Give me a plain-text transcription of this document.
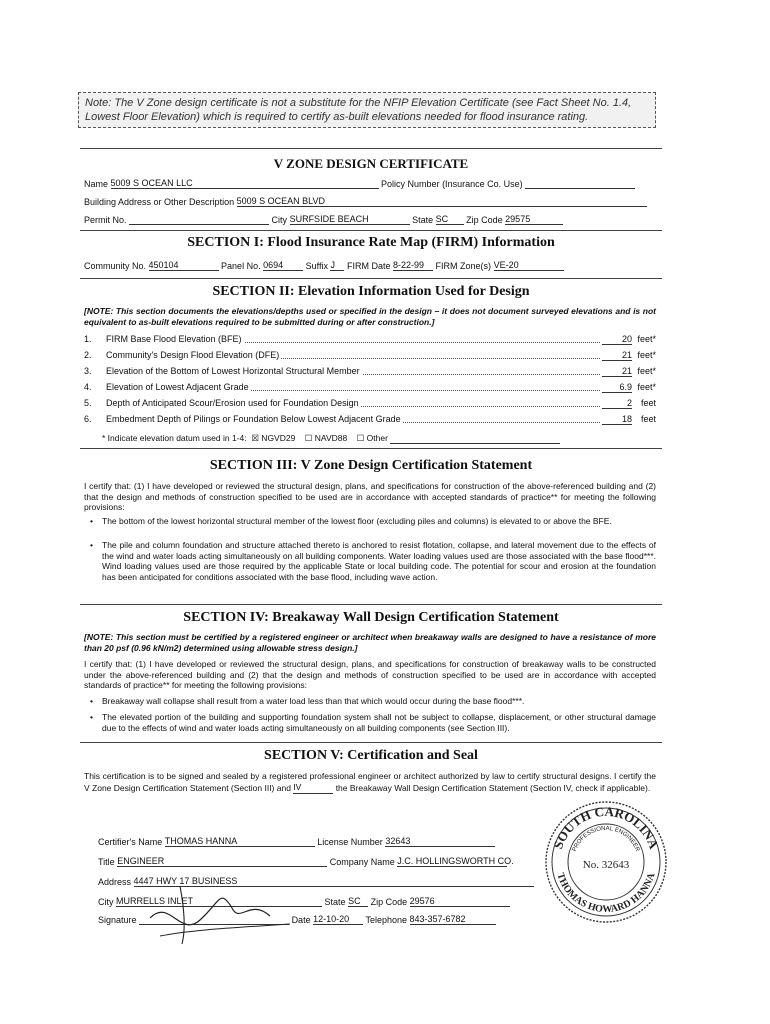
Note: The V Zone design certificate is not a substitute for the NFIP Elevation Certificate (see Fact Sheet No. 1.4, Lowest Floor Elevation) which is required to certify as-built elevations needed for flood insurance rating.
V ZONE DESIGN CERTIFICATE
Name 5009 S OCEAN LLC	Policy Number (Insurance Co. Use)
Building Address or Other Description 5009 S OCEAN BLVD
Permit No.	City SURFSIDE BEACH	State SC Zip Code 29575
SECTION I: Flood Insurance Rate Map (FIRM) Information
Community No. 450104	Panel No. 0694 Suffix J FIRM Date 8-22-99 FIRM Zone(s) VE-20
SECTION II: Elevation Information Used for Design
[NOTE: This section documents the elevations/depths used or specified in the design – it does not document surveyed elevations and is not equivalent to as-built elevations required to be submitted during or after construction.]
1. FIRM Base Flood Elevation (BFE)	20 feet*
2. Community's Design Flood Elevation (DFE)	21 feet*
3. Elevation of the Bottom of Lowest Horizontal Structural Member	21 feet*
4. Elevation of Lowest Adjacent Grade	6.9 feet*
5. Depth of Anticipated Scour/Erosion used for Foundation Design	2 feet
6. Embedment Depth of Pilings or Foundation Below Lowest Adjacent Grade	18 feet
* Indicate elevation datum used in 1-4: ☒ NGVD29 ☐ NAVD88 ☐ Other
SECTION III: V Zone Design Certification Statement
I certify that: (1) I have developed or reviewed the structural design, plans, and specifications for construction of the above-referenced building and (2) that the design and methods of construction specified to be used are in accordance with accepted standards of practice** for meeting the following provisions:
• The bottom of the lowest horizontal structural member of the lowest floor (excluding piles and columns) is elevated to or above the BFE.
• The pile and column foundation and structure attached thereto is anchored to resist flotation, collapse, and lateral movement due to the effects of the wind and water loads acting simultaneously on all building components. Water loading values used are those associated with the base flood***. Wind loading values used are those required by the applicable State or local building code. The potential for scour and erosion at the foundation has been anticipated for conditions associated with the base flood, including wave action.
SECTION IV: Breakaway Wall Design Certification Statement
[NOTE: This section must be certified by a registered engineer or architect when breakaway walls are designed to have a resistance of more than 20 psf (0.96 kN/m2) determined using allowable stress design.]
I certify that: (1) I have developed or reviewed the structural design, plans, and specifications for construction of breakaway walls to be constructed under the above-referenced building and (2) that the design and methods of construction specified to be used are in accordance with accepted standards of practice** for meeting the following provisions:
• Breakaway wall collapse shall result from a water load less than that which would occur during the base flood***.
• The elevated portion of the building and supporting foundation system shall not be subject to collapse, displacement, or other structural damage due to the effects of wind and water loads acting simultaneously on all building components (see Section III).
SECTION V: Certification and Seal
This certification is to be signed and sealed by a registered professional engineer or architect authorized by law to certify structural designs. I certify the V Zone Design Certification Statement (Section III) and IV	the Breakaway Wall Design Certification Statement (Section IV, check if applicable).
Certifier's Name THOMAS HANNA	License Number 32643
Title ENGINEER	Company Name J.C. HOLLINGSWORTH CO.
Address 4447 HWY 17 BUSINESS
City MURRELLS INLET	State SC Zip Code 29576
Signature	Date 12-10-20 Telephone 843-357-6782
SOUTH CAROLINA
PROFESSIONAL ENGINEER
No. 32643
THOMAS HOWARD HANNA
